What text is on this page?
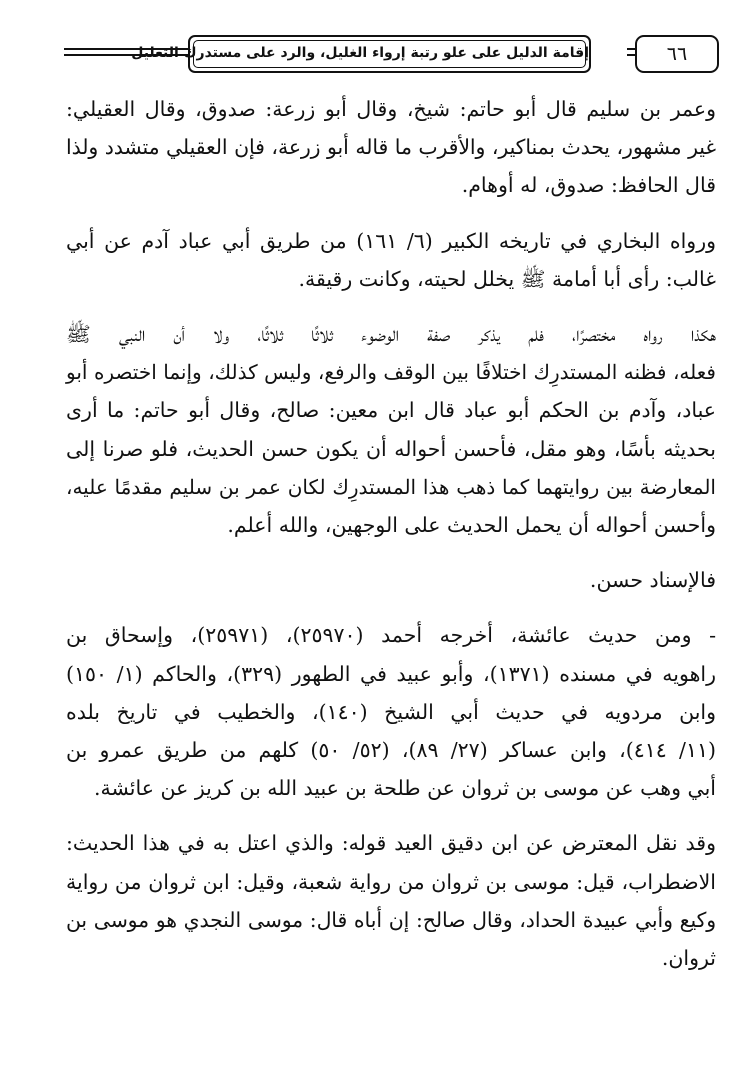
إقامة الدليل على علو رتبة إرواء الغليل، والرد على مستدرك التعليل	٦٦
وعمر بن سليم قال أبو حاتم: شيخ، وقال أبو زرعة: صدوق، وقال العقيلي:
غير مشهور، يحدث بمناكير، والأقرب ما قاله أبو زرعة، فإن العقيلي متشدد ولذا
قال الحافظ: صدوق، له أوهام.
ورواه البخاري في تاريخه الكبير (٦/ ١٦١) من طريق أبي عباد آدم عن أبي
غالب: رأى أبا أمامة ﷺ يخلل لحيته، وكانت رقيقة.
هكذا رواه مختصرًا، فلم يذكر صفة الوضوء ثلاثًا ثلاثًا، ولا أن النبي ﷺ
فعله، فظنه المستدرِك اختلافًا بين الوقف والرفع، وليس كذلك، وإنما اختصره أبو
عباد، وآدم بن الحكم أبو عباد قال ابن معين: صالح، وقال أبو حاتم: ما أرى
بحديثه بأسًا، وهو مقل، فأحسن أحواله أن يكون حسن الحديث، فلو صرنا إلى
المعارضة بين روايتهما كما ذهب هذا المستدرِك لكان عمر بن سليم مقدمًا عليه،
وأحسن أحواله أن يحمل الحديث على الوجهين، والله أعلم.
فالإسناد حسن.
- ومن حديث عائشة، أخرجه أحمد (٢٥٩٧٠)، (٢٥٩٧١)، وإسحاق بن
راهويه في مسنده (١٣٧١)، وأبو عبيد في الطهور (٣٢٩)، والحاكم (١/ ١٥٠)
وابن مردويه في حديث أبي الشيخ (١٤٠)، والخطيب في تاريخ بلده
(١١/ ٤١٤)، وابن عساكر (٢٧/ ٨٩)، (٥٢/ ٥٠) كلهم من طريق عمرو بن
أبي وهب عن موسى بن ثروان عن طلحة بن عبيد الله بن كريز عن عائشة.
وقد نقل المعترض عن ابن دقيق العيد قوله: والذي اعتل به في هذا الحديث:
الاضطراب، قيل: موسى بن ثروان من رواية شعبة، وقيل: ابن ثروان من رواية
وكيع وأبي عبيدة الحداد، وقال صالح: إن أباه قال: موسى النجدي هو موسى بن
ثروان.
